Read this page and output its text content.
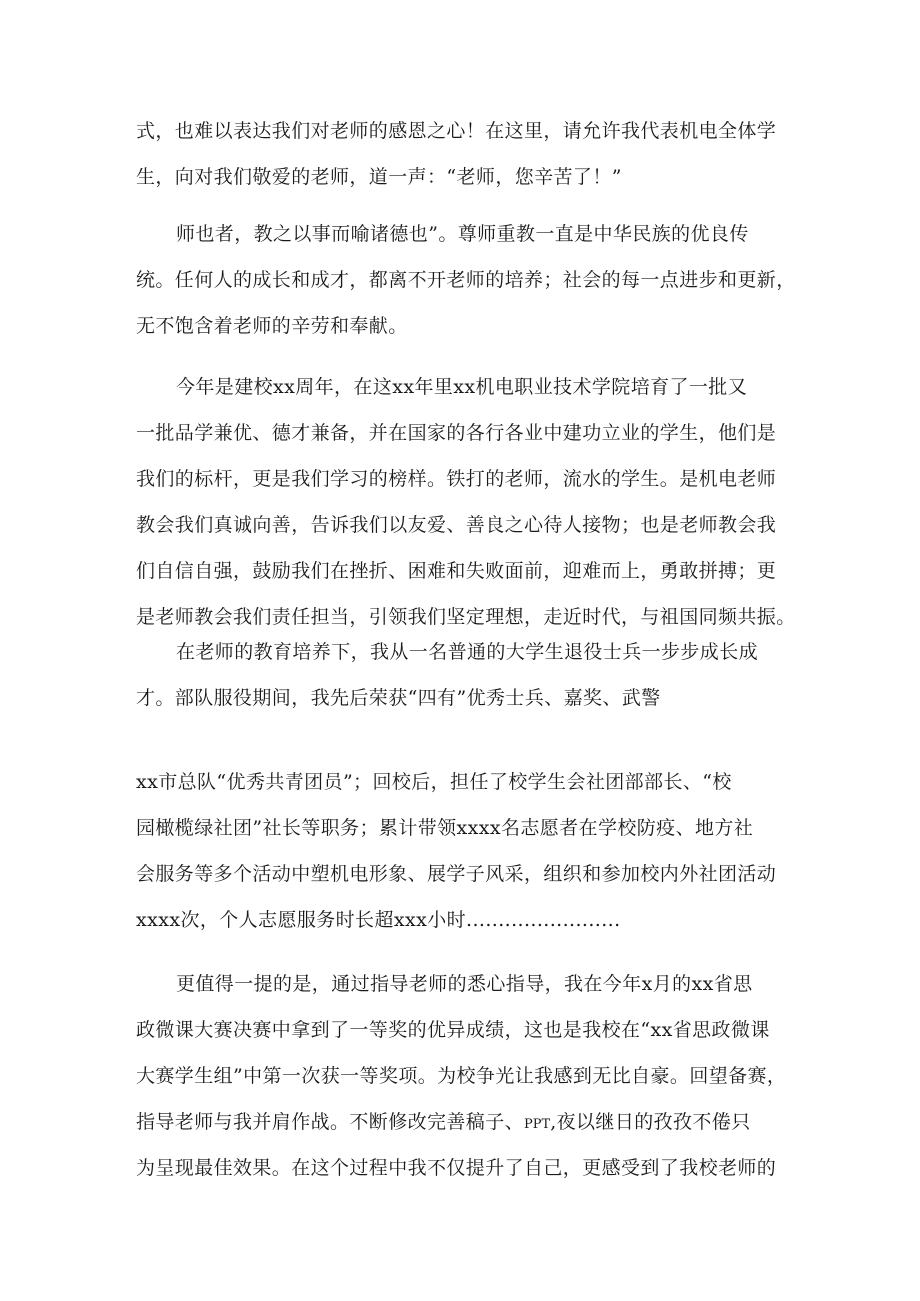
式，也难以表达我们对老师的感恩之心！在这里，请允许我代表机电全体学
生，向对我们敬爱的老师，道一声：“老师，您辛苦了！”
师也者，教之以事而喻诸德也”。尊师重教一直是中华民族的优良传
统。任何人的成长和成才，都离不开老师的培养；社会的每一点进步和更新，
无不饱含着老师的辛劳和奉献。
今年是建校xx周年，在这xx年里xx机电职业技术学院培育了一批又
一批品学兼优、德才兼备，并在国家的各行各业中建功立业的学生，他们是
我们的标杆，更是我们学习的榜样。铁打的老师，流水的学生。是机电老师
教会我们真诚向善，告诉我们以友爱、善良之心待人接物；也是老师教会我
们自信自强，鼓励我们在挫折、困难和失败面前，迎难而上，勇敢拼搏；更
是老师教会我们责任担当，引领我们坚定理想，走近时代，与祖国同频共振。
在老师的教育培养下，我从一名普通的大学生退役士兵一步步成长成
才。部队服役期间，我先后荣获“四有”优秀士兵、嘉奖、武警
xx市总队“优秀共青团员”；回校后，担任了校学生会社团部部长、“校
园橄榄绿社团”社长等职务；累计带领xxxx名志愿者在学校防疫、地方社
会服务等多个活动中塑机电形象、展学子风采，组织和参加校内外社团活动
xxxx次，个人志愿服务时长超xxx小时........................
更值得一提的是，通过指导老师的悉心指导，我在今年x月的xx省思
政微课大赛决赛中拿到了一等奖的优异成绩，这也是我校在“xx省思政微课
大赛学生组”中第一次获一等奖项。为校争光让我感到无比自豪。回望备赛，
指导老师与我并肩作战。不断修改完善稿子、PPT,夜以继日的孜孜不倦只
为呈现最佳效果。在这个过程中我不仅提升了自己，更感受到了我校老师的
